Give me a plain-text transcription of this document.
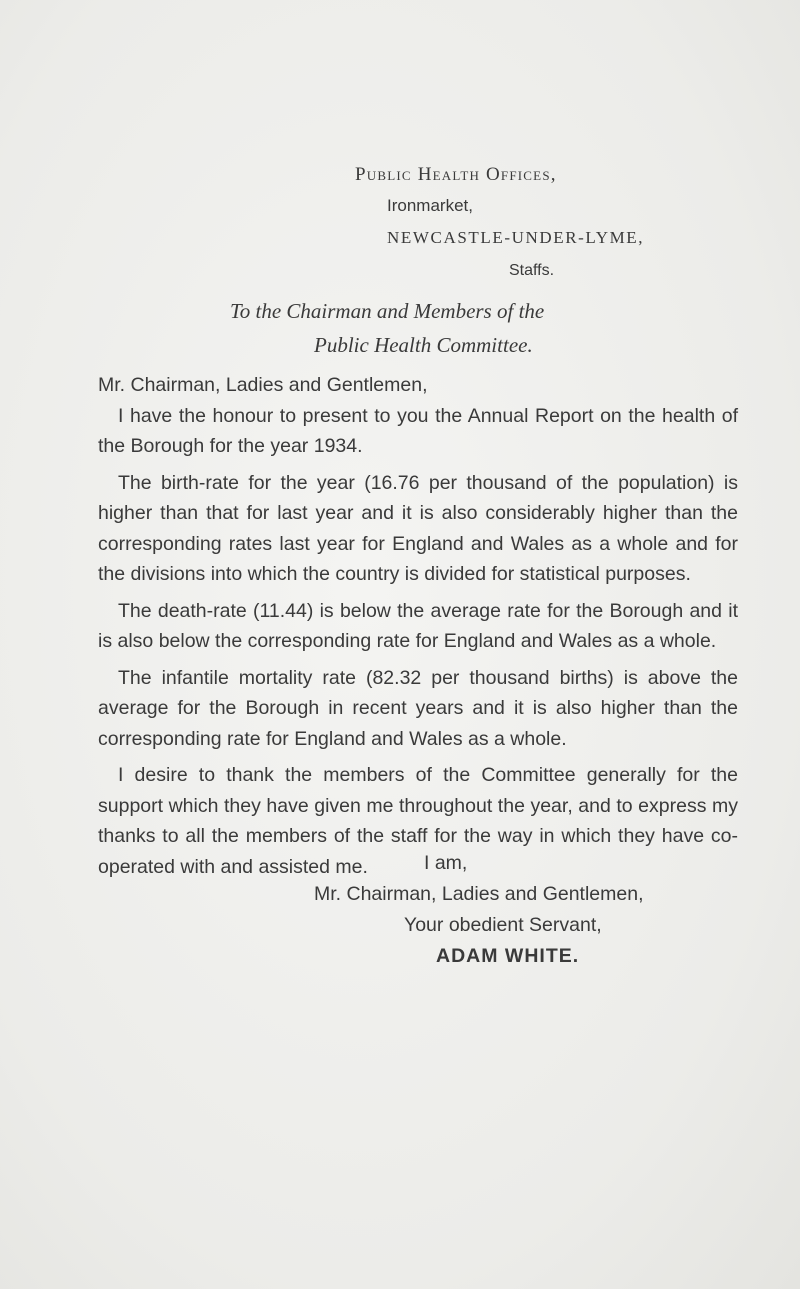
Public Health Offices,

Ironmarket,

NEWCASTLE-UNDER-LYME,

Staffs.

To the Chairman and Members of the
Public Health Committee.

Mr. Chairman, Ladies and Gentlemen,

I have the honour to present to you the Annual Report on the health of the Borough for the year 1934.

The birth-rate for the year (16.76 per thousand of the population) is higher than that for last year and it is also considerably higher than the corresponding rates last year for England and Wales as a whole and for the divisions into which the country is divided for statistical purposes.

The death-rate (11.44) is below the average rate for the Borough and it is also below the corresponding rate for England and Wales as a whole.

The infantile mortality rate (82.32 per thousand births) is above the average for the Borough in recent years and it is also higher than the corresponding rate for England and Wales as a whole.

I desire to thank the members of the Committee generally for the support which they have given me throughout the year, and to express my thanks to all the members of the staff for the way in which they have co-operated with and assisted me.	I am,

Mr. Chairman, Ladies and Gentlemen,

Your obedient Servant,

ADAM WHITE.
